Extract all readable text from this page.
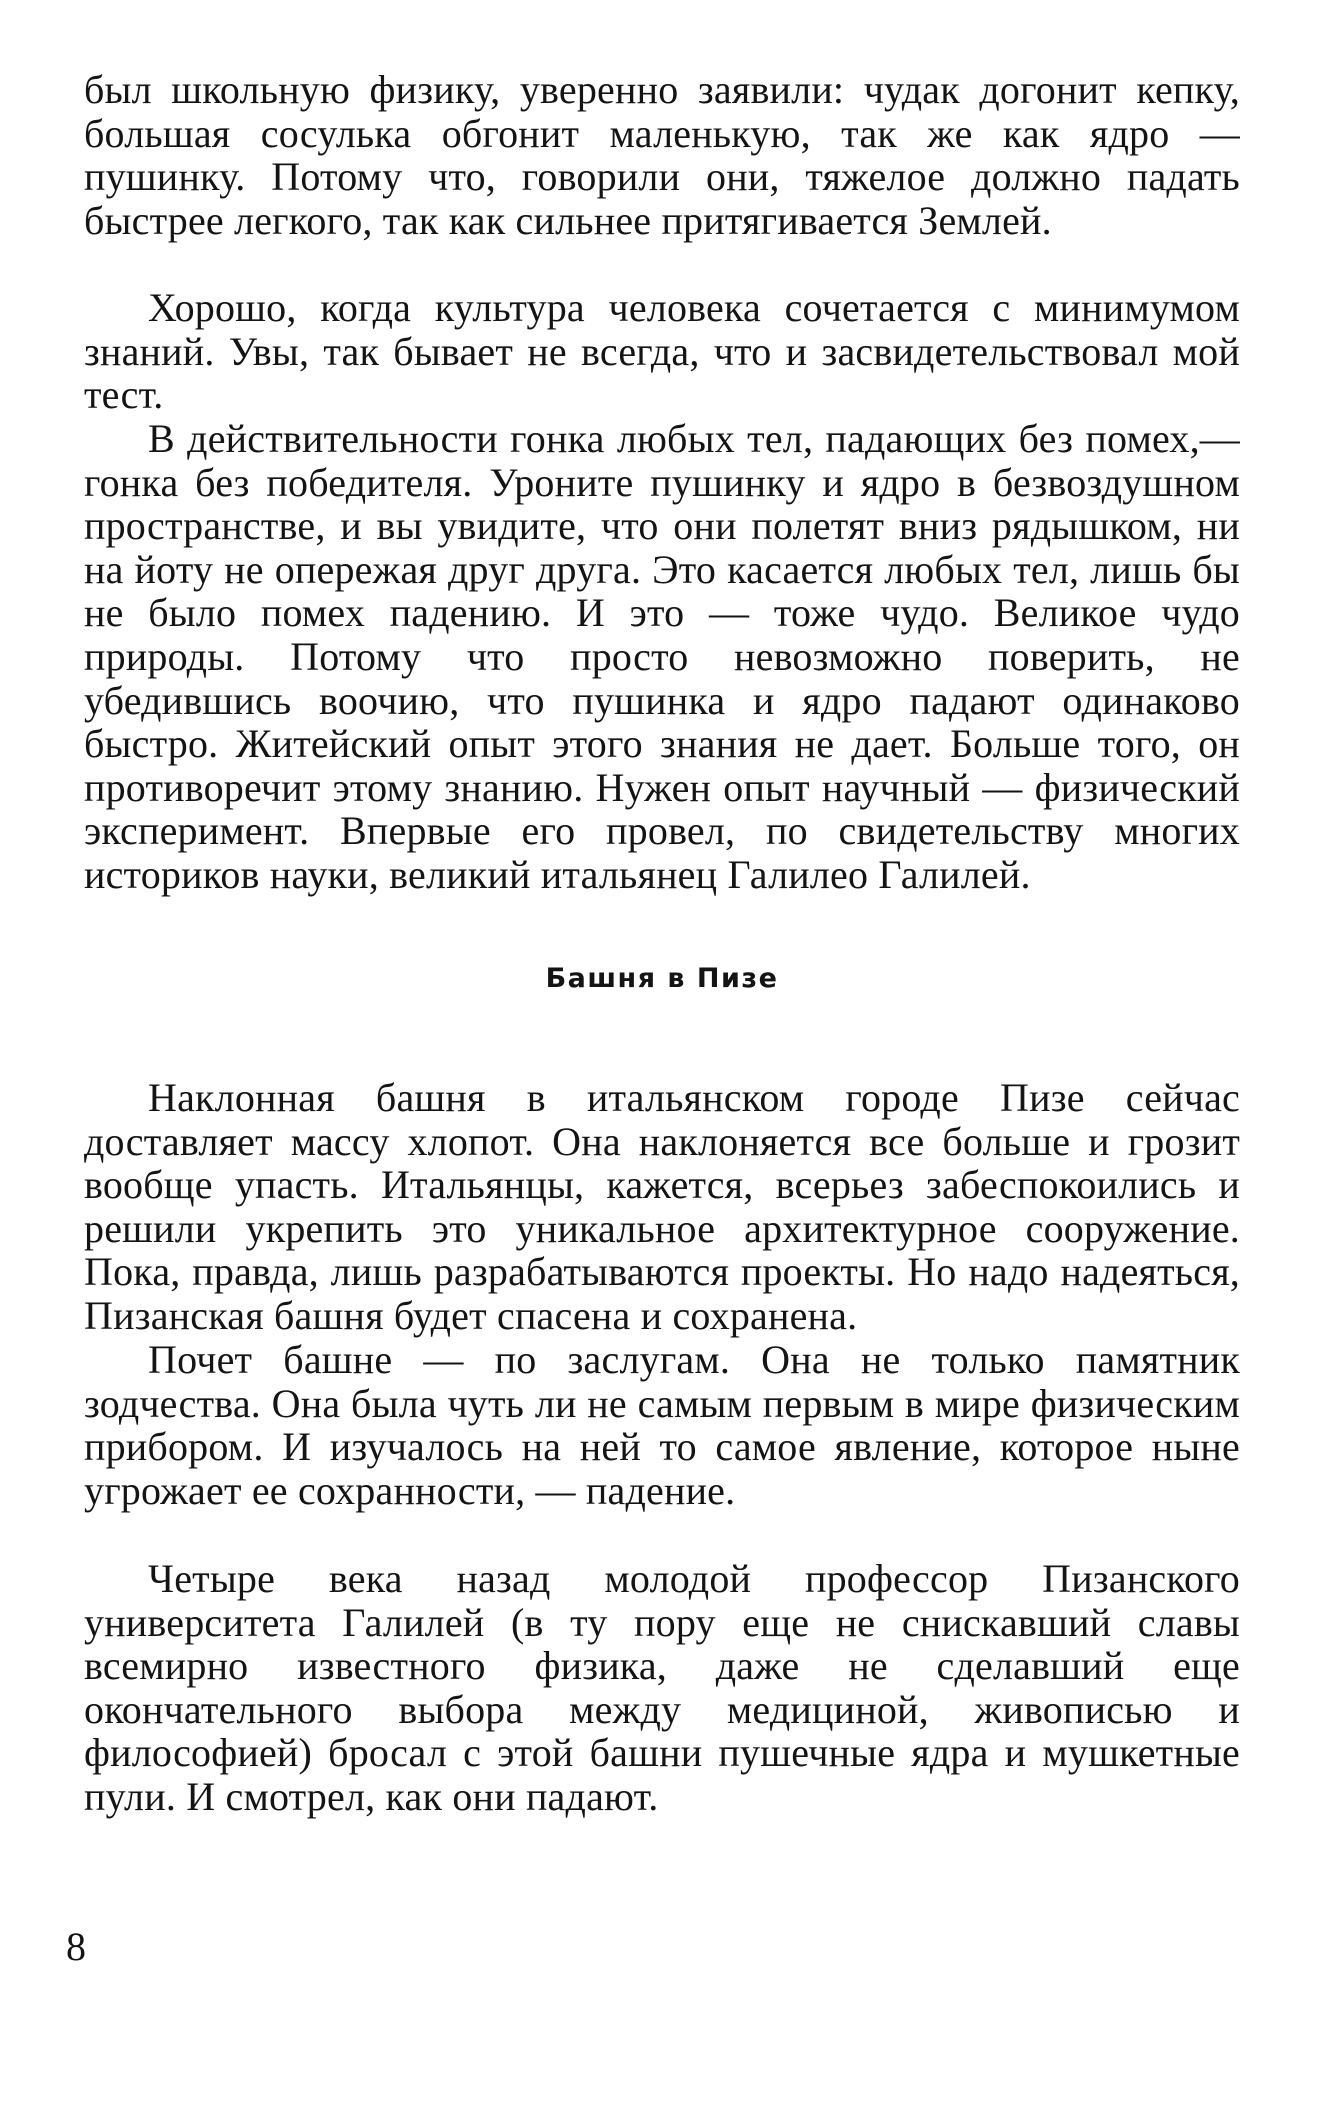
был школьную физику, уверенно заявили: чудак догонит кепку, большая сосулька обгонит маленькую, так же как ядро — пушинку. Потому что, говорили они, тяжелое должно падать быстрее легкого, так как сильнее притягивается Землей.

Хорошо, когда культура человека сочетается с минимумом знаний. Увы, так бывает не всегда, что и засвидетельствовал мой тест.

В действительности гонка любых тел, падающих без помех,— гонка без победителя. Уроните пушинку и ядро в безвоздушном пространстве, и вы увидите, что они полетят вниз рядышком, ни на йоту не опережая друг друга. Это касается любых тел, лишь бы не было помех падению. И это — тоже чудо. Великое чудо природы. Потому что просто невозможно поверить, не убедившись воочию, что пушинка и ядро падают одинаково быстро. Житейский опыт этого знания не дает. Больше того, он противоречит этому знанию. Нужен опыт научный — физический эксперимент. Впервые его провел, по свидетельству многих историков науки, великий итальянец Галилео Галилей.

Башня в Пизе

Наклонная башня в итальянском городе Пизе сейчас доставляет массу хлопот. Она наклоняется все больше и грозит вообще упасть. Итальянцы, кажется, всерьез забеспокоились и решили укрепить это уникальное архитектурное сооружение. Пока, правда, лишь разрабатываются проекты. Но надо надеяться, Пизанская башня будет спасена и сохранена.

Почет башне — по заслугам. Она не только памятник зодчества. Она была чуть ли не самым первым в мире физическим прибором. И изучалось на ней то самое явление, которое ныне угрожает ее сохранности, — падение.

Четыре века назад молодой профессор Пизанского университета Галилей (в ту пору еще не снискавший славы всемирно известного физика, даже не сделавший еще окончательного выбора между медициной, живописью и философией) бросал с этой башни пушечные ядра и мушкетные пули. И смотрел, как они падают.

8
